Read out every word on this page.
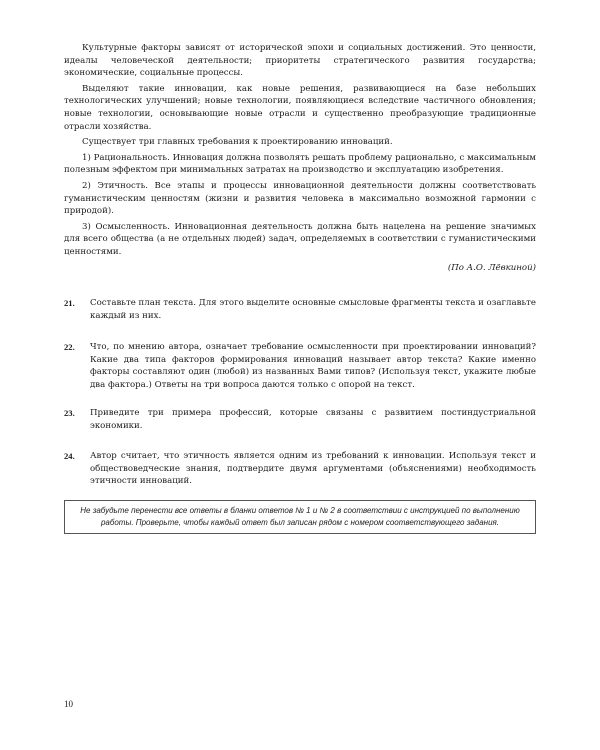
Культурные факторы зависят от исторической эпохи и социальных достижений. Это ценности, идеалы человеческой деятельности; приоритеты стратегического развития государства; экономические, социальные процессы.

Выделяют такие инновации, как новые решения, развивающиеся на базе небольших технологических улучшений; новые технологии, появляющиеся вследствие частичного обновления; новые технологии, основывающие новые отрасли и существенно преобразующие традиционные отрасли хозяйства.

Существует три главных требования к проектированию инноваций.

1) Рациональность. Инновация должна позволять решать проблему рационально, с максимальным полезным эффектом при минимальных затратах на производство и эксплуатацию изобретения.

2) Этичность. Все этапы и процессы инновационной деятельности должны соответствовать гуманистическим ценностям (жизни и развития человека в максимально возможной гармонии с природой).

3) Осмысленность. Инновационная деятельность должна быть нацелена на решение значимых для всего общества (а не отдельных людей) задач, определяемых в соответствии с гуманистическими ценностями.

(По А.О. Лёвкиной)
21.	Составьте план текста. Для этого выделите основные смысловые фрагменты текста и озаглавьте каждый из них.
22.	Что, по мнению автора, означает требование осмысленности при проектировании инноваций? Какие два типа факторов формирования инноваций называет автор текста? Какие именно факторы составляют один (любой) из названных Вами типов? (Используя текст, укажите любые два фактора.) Ответы на три вопроса даются только с опорой на текст.
23.	Приведите три примера профессий, которые связаны с развитием постиндустриальной экономики.
24.	Автор считает, что этичность является одним из требований к инновации. Используя текст и обществоведческие знания, подтвердите двумя аргументами (объяснениями) необходимость этичности инноваций.
Не забудьте перенести все ответы в бланки ответов № 1 и № 2 в соответствии с инструкцией по выполнению работы. Проверьте, чтобы каждый ответ был записан рядом с номером соответствующего задания.
10
